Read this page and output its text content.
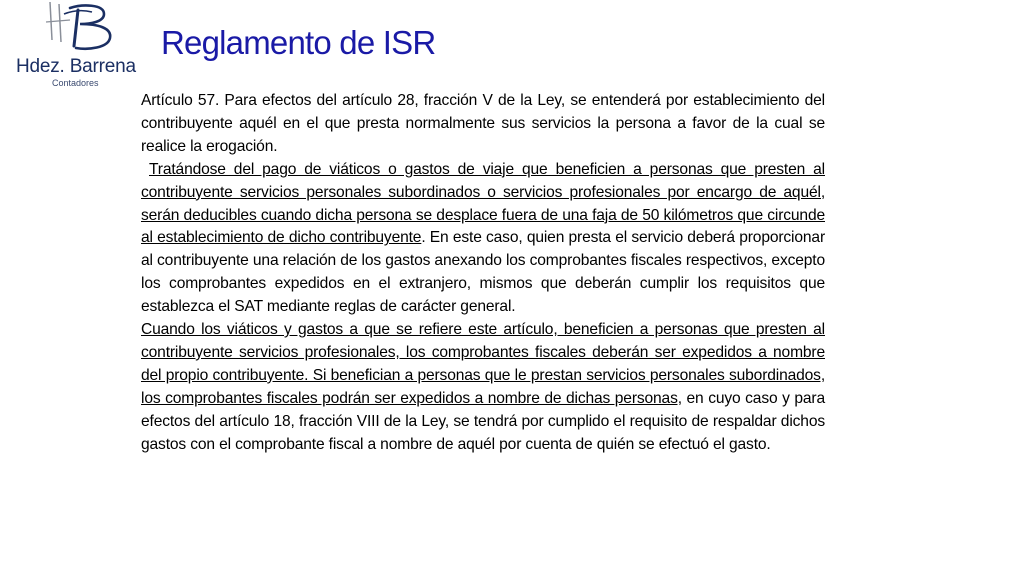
Hdez. Barrena
Contadores
Reglamento de ISR

Artículo 57. Para efectos del artículo 28, fracción V de la Ley, se entenderá por establecimiento del contribuyente aquél en el que presta normalmente sus servicios la persona a favor de la cual se realice la erogación.

Tratándose del pago de viáticos o gastos de viaje que beneficien a personas que presten al contribuyente servicios personales subordinados o servicios profesionales por encargo de aquél, serán deducibles cuando dicha persona se desplace fuera de una faja de 50 kilómetros que circunde al establecimiento de dicho contribuyente. En este caso, quien presta el servicio deberá proporcionar al contribuyente una relación de los gastos anexando los comprobantes fiscales respectivos, excepto los comprobantes expedidos en el extranjero, mismos que deberán cumplir los requisitos que establezca el SAT mediante reglas de carácter general.

Cuando los viáticos y gastos a que se refiere este artículo, beneficien a personas que presten al contribuyente servicios profesionales, los comprobantes fiscales deberán ser expedidos a nombre del propio contribuyente. Si benefician a personas que le prestan servicios personales subordinados, los comprobantes fiscales podrán ser expedidos a nombre de dichas personas, en cuyo caso y para efectos del artículo 18, fracción VIII de la Ley, se tendrá por cumplido el requisito de respaldar dichos gastos con el comprobante fiscal a nombre de aquél por cuenta de quién se efectuó el gasto.
